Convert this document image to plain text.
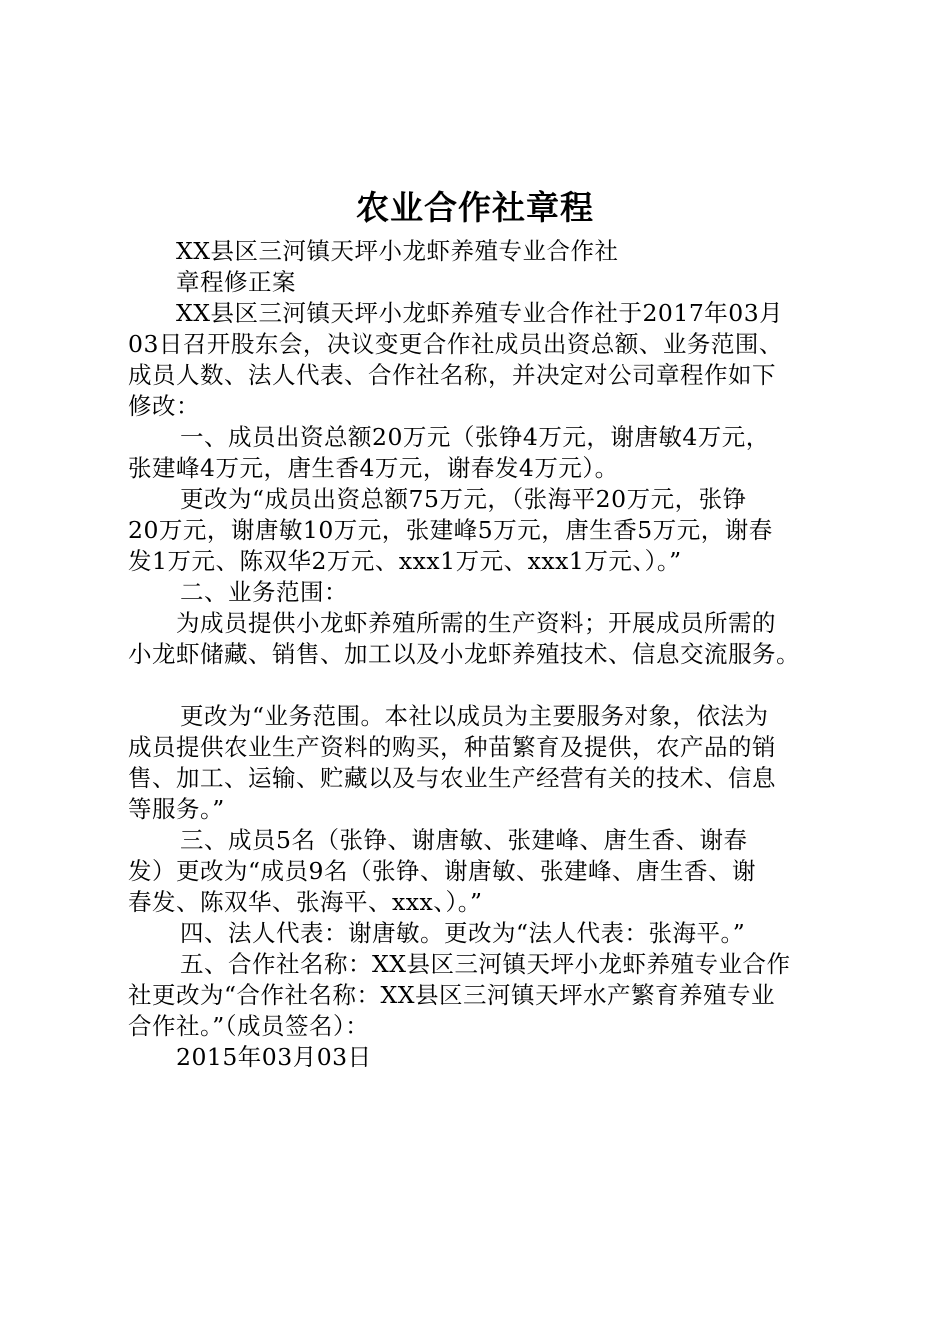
农业合作社章程
XX县区三河镇天坪小龙虾养殖专业合作社
章程修正案
XX县区三河镇天坪小龙虾养殖专业合作社于2017年03月
03日召开股东会，决议变更合作社成员出资总额、业务范围、
成员人数、法人代表、合作社名称，并决定对公司章程作如下
修改：
一、成员出资总额20万元（张铮4万元，谢唐敏4万元，
张建峰4万元，唐生香4万元，谢春发4万元）。
更改为“成员出资总额75万元，（张海平20万元，张铮
20万元，谢唐敏10万元，张建峰5万元，唐生香5万元，谢春
发1万元、陈双华2万元、xxx1万元、xxx1万元、）。”
二、业务范围：
为成员提供小龙虾养殖所需的生产资料；开展成员所需的
小龙虾储藏、销售、加工以及小龙虾养殖技术、信息交流服务。
更改为“业务范围。本社以成员为主要服务对象，依法为
成员提供农业生产资料的购买，种苗繁育及提供，农产品的销
售、加工、运输、贮藏以及与农业生产经营有关的技术、信息
等服务。”
三、成员5名（张铮、谢唐敏、张建峰、唐生香、谢春
发）更改为“成员9名（张铮、谢唐敏、张建峰、唐生香、谢
春发、陈双华、张海平、xxx、）。”
四、法人代表：谢唐敏。更改为“法人代表：张海平。”
五、合作社名称：XX县区三河镇天坪小龙虾养殖专业合作
社更改为“合作社名称：XX县区三河镇天坪水产繁育养殖专业
合作社。”（成员签名）：
2015年03月03日
